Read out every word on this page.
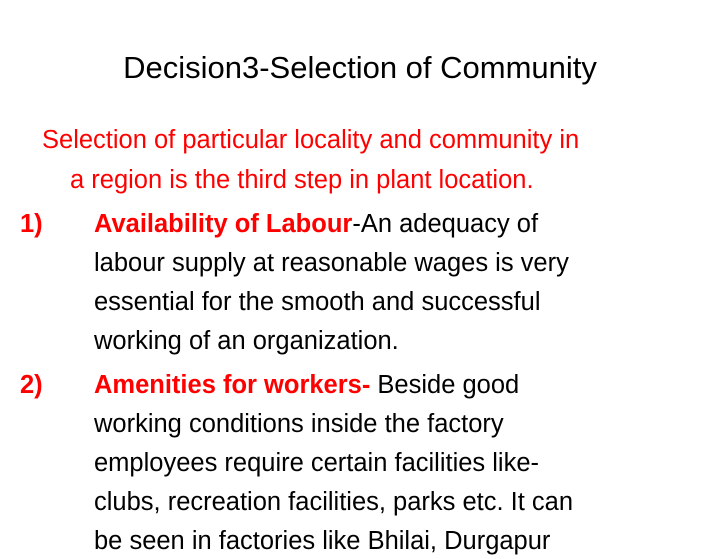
Decision3-Selection of Community
Selection of particular locality and community in
a region is the third step in plant location.
1) Availability of Labour-An adequacy of
labour supply at reasonable wages is very
essential for the smooth and successful
working of an organization.
2) Amenities for workers- Beside good
working conditions inside the factory
employees require certain facilities like-
clubs, recreation facilities, parks etc. It can
be seen in factories like Bhilai, Durgapur
